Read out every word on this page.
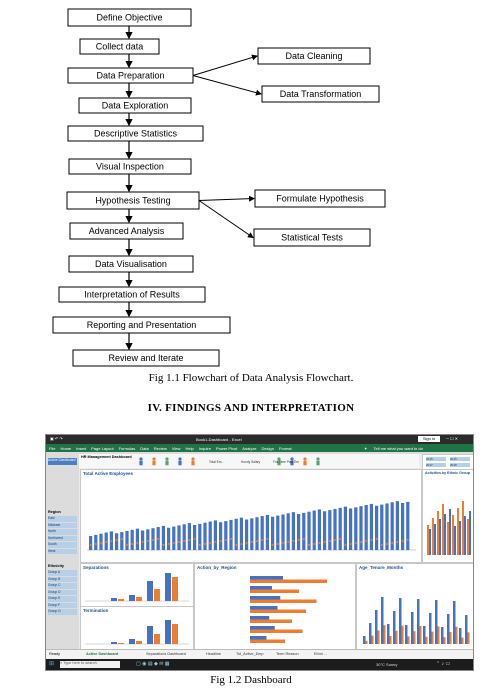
Define Objective
Collect data
Data Preparation
Data Exploration
Descriptive Statistics
Visual Inspection
Hypothesis Testing
Advanced Analysis
Data Visualisation
Interpretation of Results
Reporting and Presentation
Review and Iterate
Data Cleaning
Data Transformation
Formulate Hypothesis
Statistical Tests
Fig 1.1 Flowchart of Data Analysis Flowchart.
IV. FINDINGS AND INTERPRETATION
▣ ↶ ↷	Book1-Dashboard - Excel	Sign in	─ ☐ ✕
File Home Insert Page Layout Formulas Data Review View Help Inquire Power Pivot Analyze Design Format	✦ Tell me what you want to do
HR Management Dashboard
Total Em...	Hourly Salary	Full Time Part Tim
2015	2016
2017	2018
Active Dashboard
Region
East
Midwest
North
Northwest
South
West
Ethnicity
Group A
Group B
Group C
Group D
Group E
Group F
Group G
Total Active Employees	Activities by Ethnic Group
Separations
Termination
Action_by_Region	Age_Tenure_Months
Ready	Active Dashboard	Separations Dashboard	Headline	Tot_Active_Emp	Term Reason	Ethni ...
⊞ ⌕ Type here to search	▢ ◉ ▤ ◆ ✉ ▦	30°C Sunny	⌃ ♪ ▭
Fig 1.2 Dashboard
